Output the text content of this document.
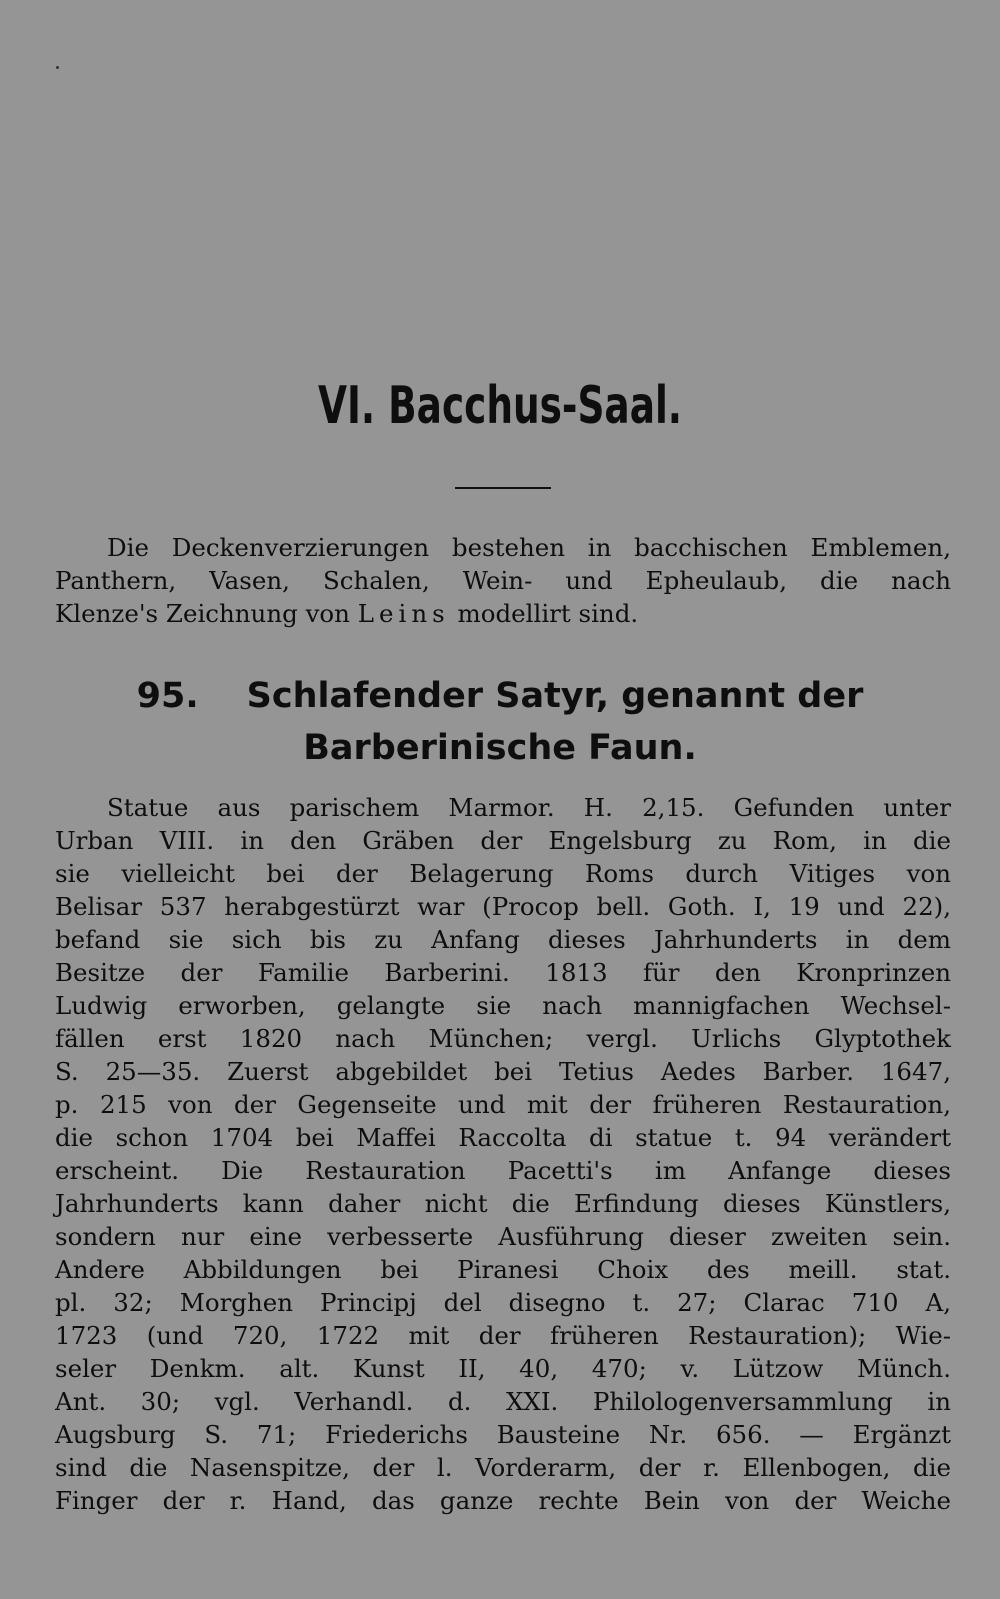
VI. Bacchus-Saal.
Die Deckenverzierungen bestehen in bacchischen Emblemen,
Panthern, Vasen, Schalen, Wein- und Epheulaub, die nach
Klenze's Zeichnung von Leins modellirt sind.
95. Schlafender Satyr, genannt der
Barberinische Faun.
Statue aus parischem Marmor. H. 2,15. Gefunden unter
Urban VIII. in den Gräben der Engelsburg zu Rom, in die
sie vielleicht bei der Belagerung Roms durch Vitiges von
Belisar 537 herabgestürzt war (Procop bell. Goth. I, 19 und 22),
befand sie sich bis zu Anfang dieses Jahrhunderts in dem
Besitze der Familie Barberini. 1813 für den Kronprinzen
Ludwig erworben, gelangte sie nach mannigfachen Wechsel-
fällen erst 1820 nach München; vergl. Urlichs Glyptothek
S. 25—35. Zuerst abgebildet bei Tetius Aedes Barber. 1647,
p. 215 von der Gegenseite und mit der früheren Restauration,
die schon 1704 bei Maffei Raccolta di statue t. 94 verändert
erscheint. Die Restauration Pacetti's im Anfange dieses
Jahrhunderts kann daher nicht die Erfindung dieses Künstlers,
sondern nur eine verbesserte Ausführung dieser zweiten sein.
Andere Abbildungen bei Piranesi Choix des meill. stat.
pl. 32; Morghen Principj del disegno t. 27; Clarac 710 A,
1723 (und 720, 1722 mit der früheren Restauration); Wie-
seler Denkm. alt. Kunst II, 40, 470; v. Lützow Münch.
Ant. 30; vgl. Verhandl. d. XXI. Philologenversammlung in
Augsburg S. 71; Friederichs Bausteine Nr. 656. — Ergänzt
sind die Nasenspitze, der l. Vorderarm, der r. Ellenbogen, die
Finger der r. Hand, das ganze rechte Bein von der Weiche
